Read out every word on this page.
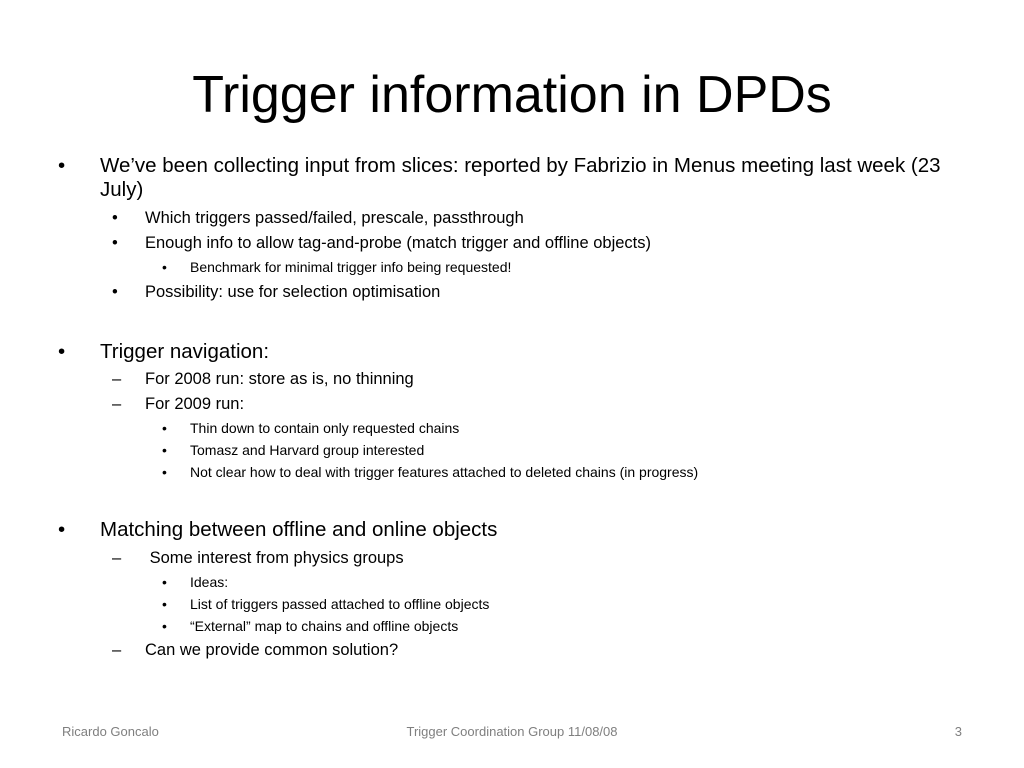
Trigger information in DPDs
•	We’ve been collecting input from slices: reported by Fabrizio in Menus meeting last week (23 July)
•	Which triggers passed/failed, prescale, passthrough
•	Enough info to allow tag-and-probe (match trigger and offline objects)
•	Benchmark for minimal trigger info being requested!
•	Possibility: use for selection optimisation
•	Trigger navigation:
–	For 2008 run: store as is, no thinning
–	For 2009 run:
•	Thin down to contain only requested chains
•	Tomasz and Harvard group interested
•	Not clear how to deal with trigger features attached to deleted chains (in progress)
•	Matching between offline and online objects
–	Some interest from physics groups
•	Ideas:
•	List of triggers passed attached to offline objects
•	“External” map to chains and offline objects
–	Can we provide common solution?
Ricardo Goncalo	Trigger Coordination Group 11/08/08	3
